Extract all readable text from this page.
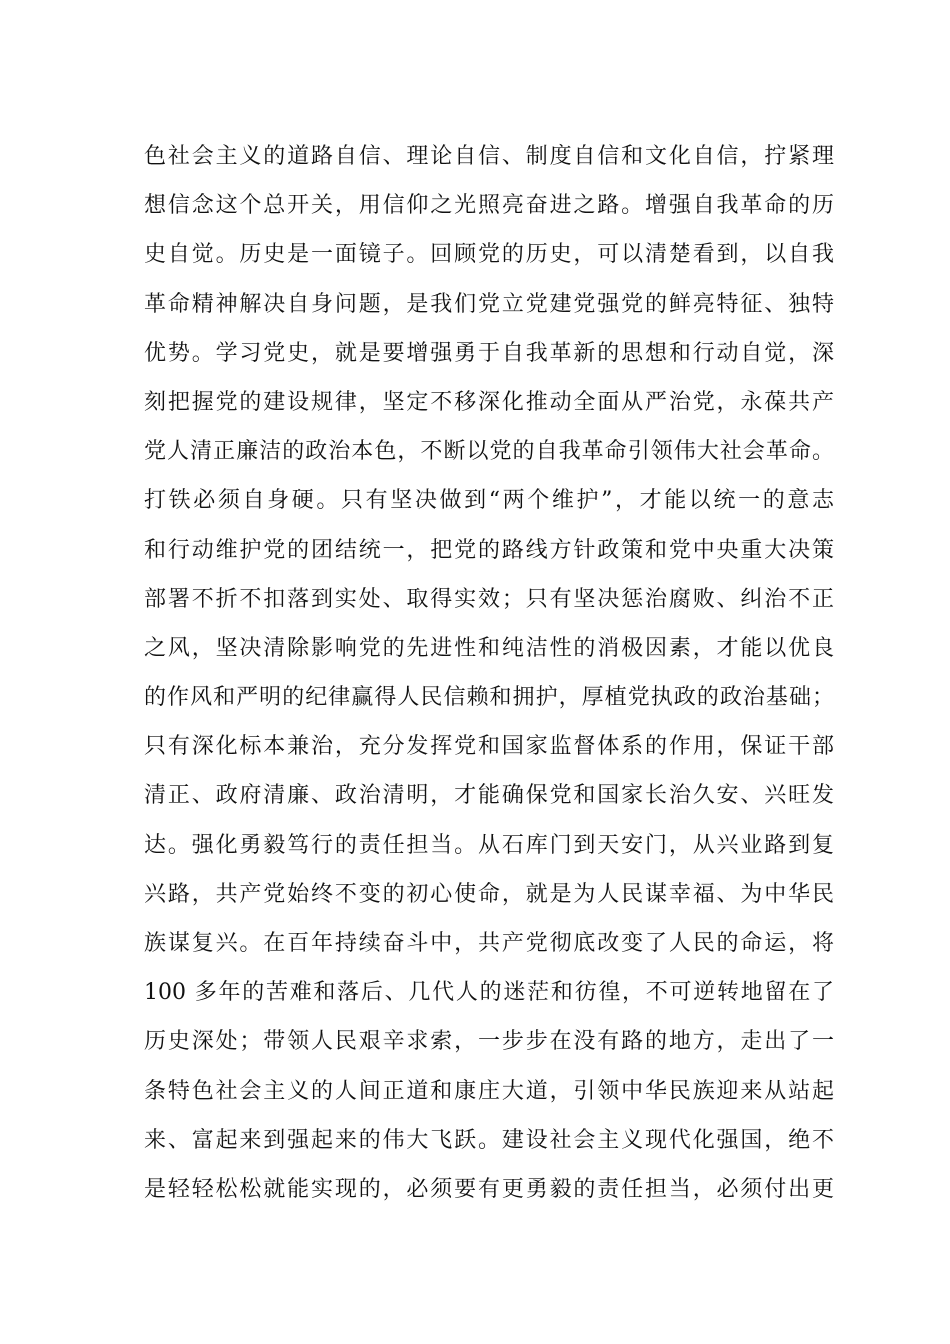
色社会主义的道路自信、理论自信、制度自信和文化自信，拧紧理
想信念这个总开关，用信仰之光照亮奋进之路。增强自我革命的历
史自觉。历史是一面镜子。回顾党的历史，可以清楚看到，以自我
革命精神解决自身问题，是我们党立党建党强党的鲜亮特征、独特
优势。学习党史，就是要增强勇于自我革新的思想和行动自觉，深
刻把握党的建设规律，坚定不移深化推动全面从严治党，永葆共产
党人清正廉洁的政治本色，不断以党的自我革命引领伟大社会革命。
打铁必须自身硬。只有坚决做到“两个维护”，才能以统一的意志
和行动维护党的团结统一，把党的路线方针政策和党中央重大决策
部署不折不扣落到实处、取得实效；只有坚决惩治腐败、纠治不正
之风，坚决清除影响党的先进性和纯洁性的消极因素，才能以优良
的作风和严明的纪律赢得人民信赖和拥护，厚植党执政的政治基础；
只有深化标本兼治，充分发挥党和国家监督体系的作用，保证干部
清正、政府清廉、政治清明，才能确保党和国家长治久安、兴旺发
达。强化勇毅笃行的责任担当。从石库门到天安门，从兴业路到复
兴路，共产党始终不变的初心使命，就是为人民谋幸福、为中华民
族谋复兴。在百年持续奋斗中，共产党彻底改变了人民的命运，将
100 多年的苦难和落后、几代人的迷茫和彷徨，不可逆转地留在了
历史深处；带领人民艰辛求索，一步步在没有路的地方，走出了一
条特色社会主义的人间正道和康庄大道，引领中华民族迎来从站起
来、富起来到强起来的伟大飞跃。建设社会主义现代化强国，绝不
是轻轻松松就能实现的，必须要有更勇毅的责任担当，必须付出更
